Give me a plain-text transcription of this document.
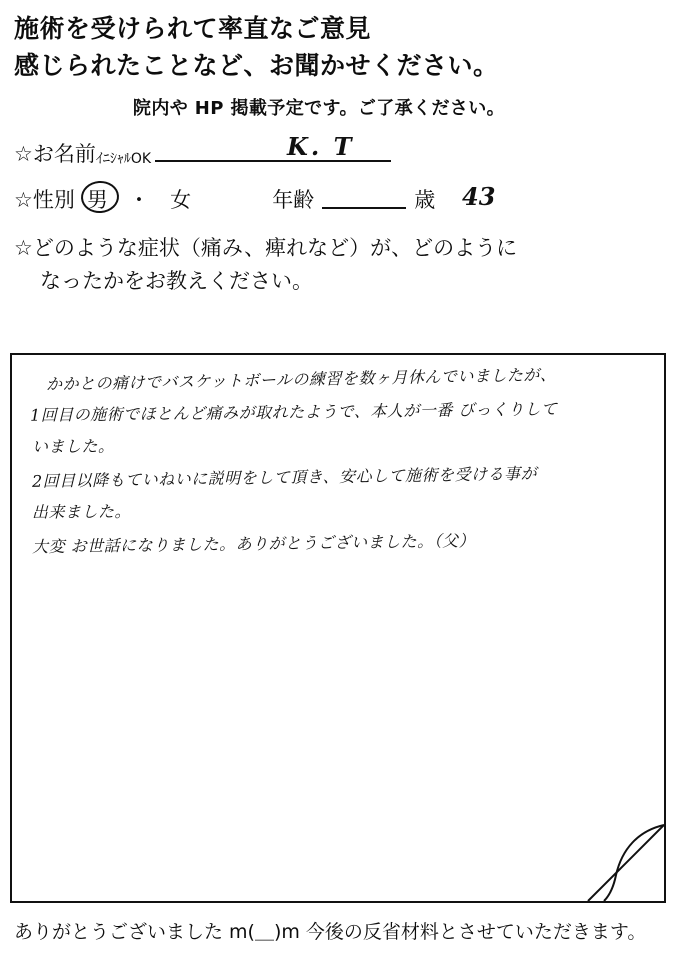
施術を受けられて率直なご意見
感じられたことなど、お聞かせください。
院内や HP 掲載予定です。ご了承ください。
☆お名前 ｲﾆｼｬﾙOK	K. T
☆性別 男 ・ 女	年齢	歳 43
☆どのような症状（痛み、痺れなど）が、どのように
なったかをお教えください。
かかとの痛けでバスケットボールの練習を数ヶ月休んでいましたが、
1回目の施術でほとんど痛みが取れたようで、本人が一番 びっくりして
いました。
2回目以降もていねいに説明をして頂き、安心して施術を受ける事が
出来ました。
大変 お世話になりました。ありがとうございました。（父）
ありがとうございました m(＿)m 今後の反省材料とさせていただきます。
